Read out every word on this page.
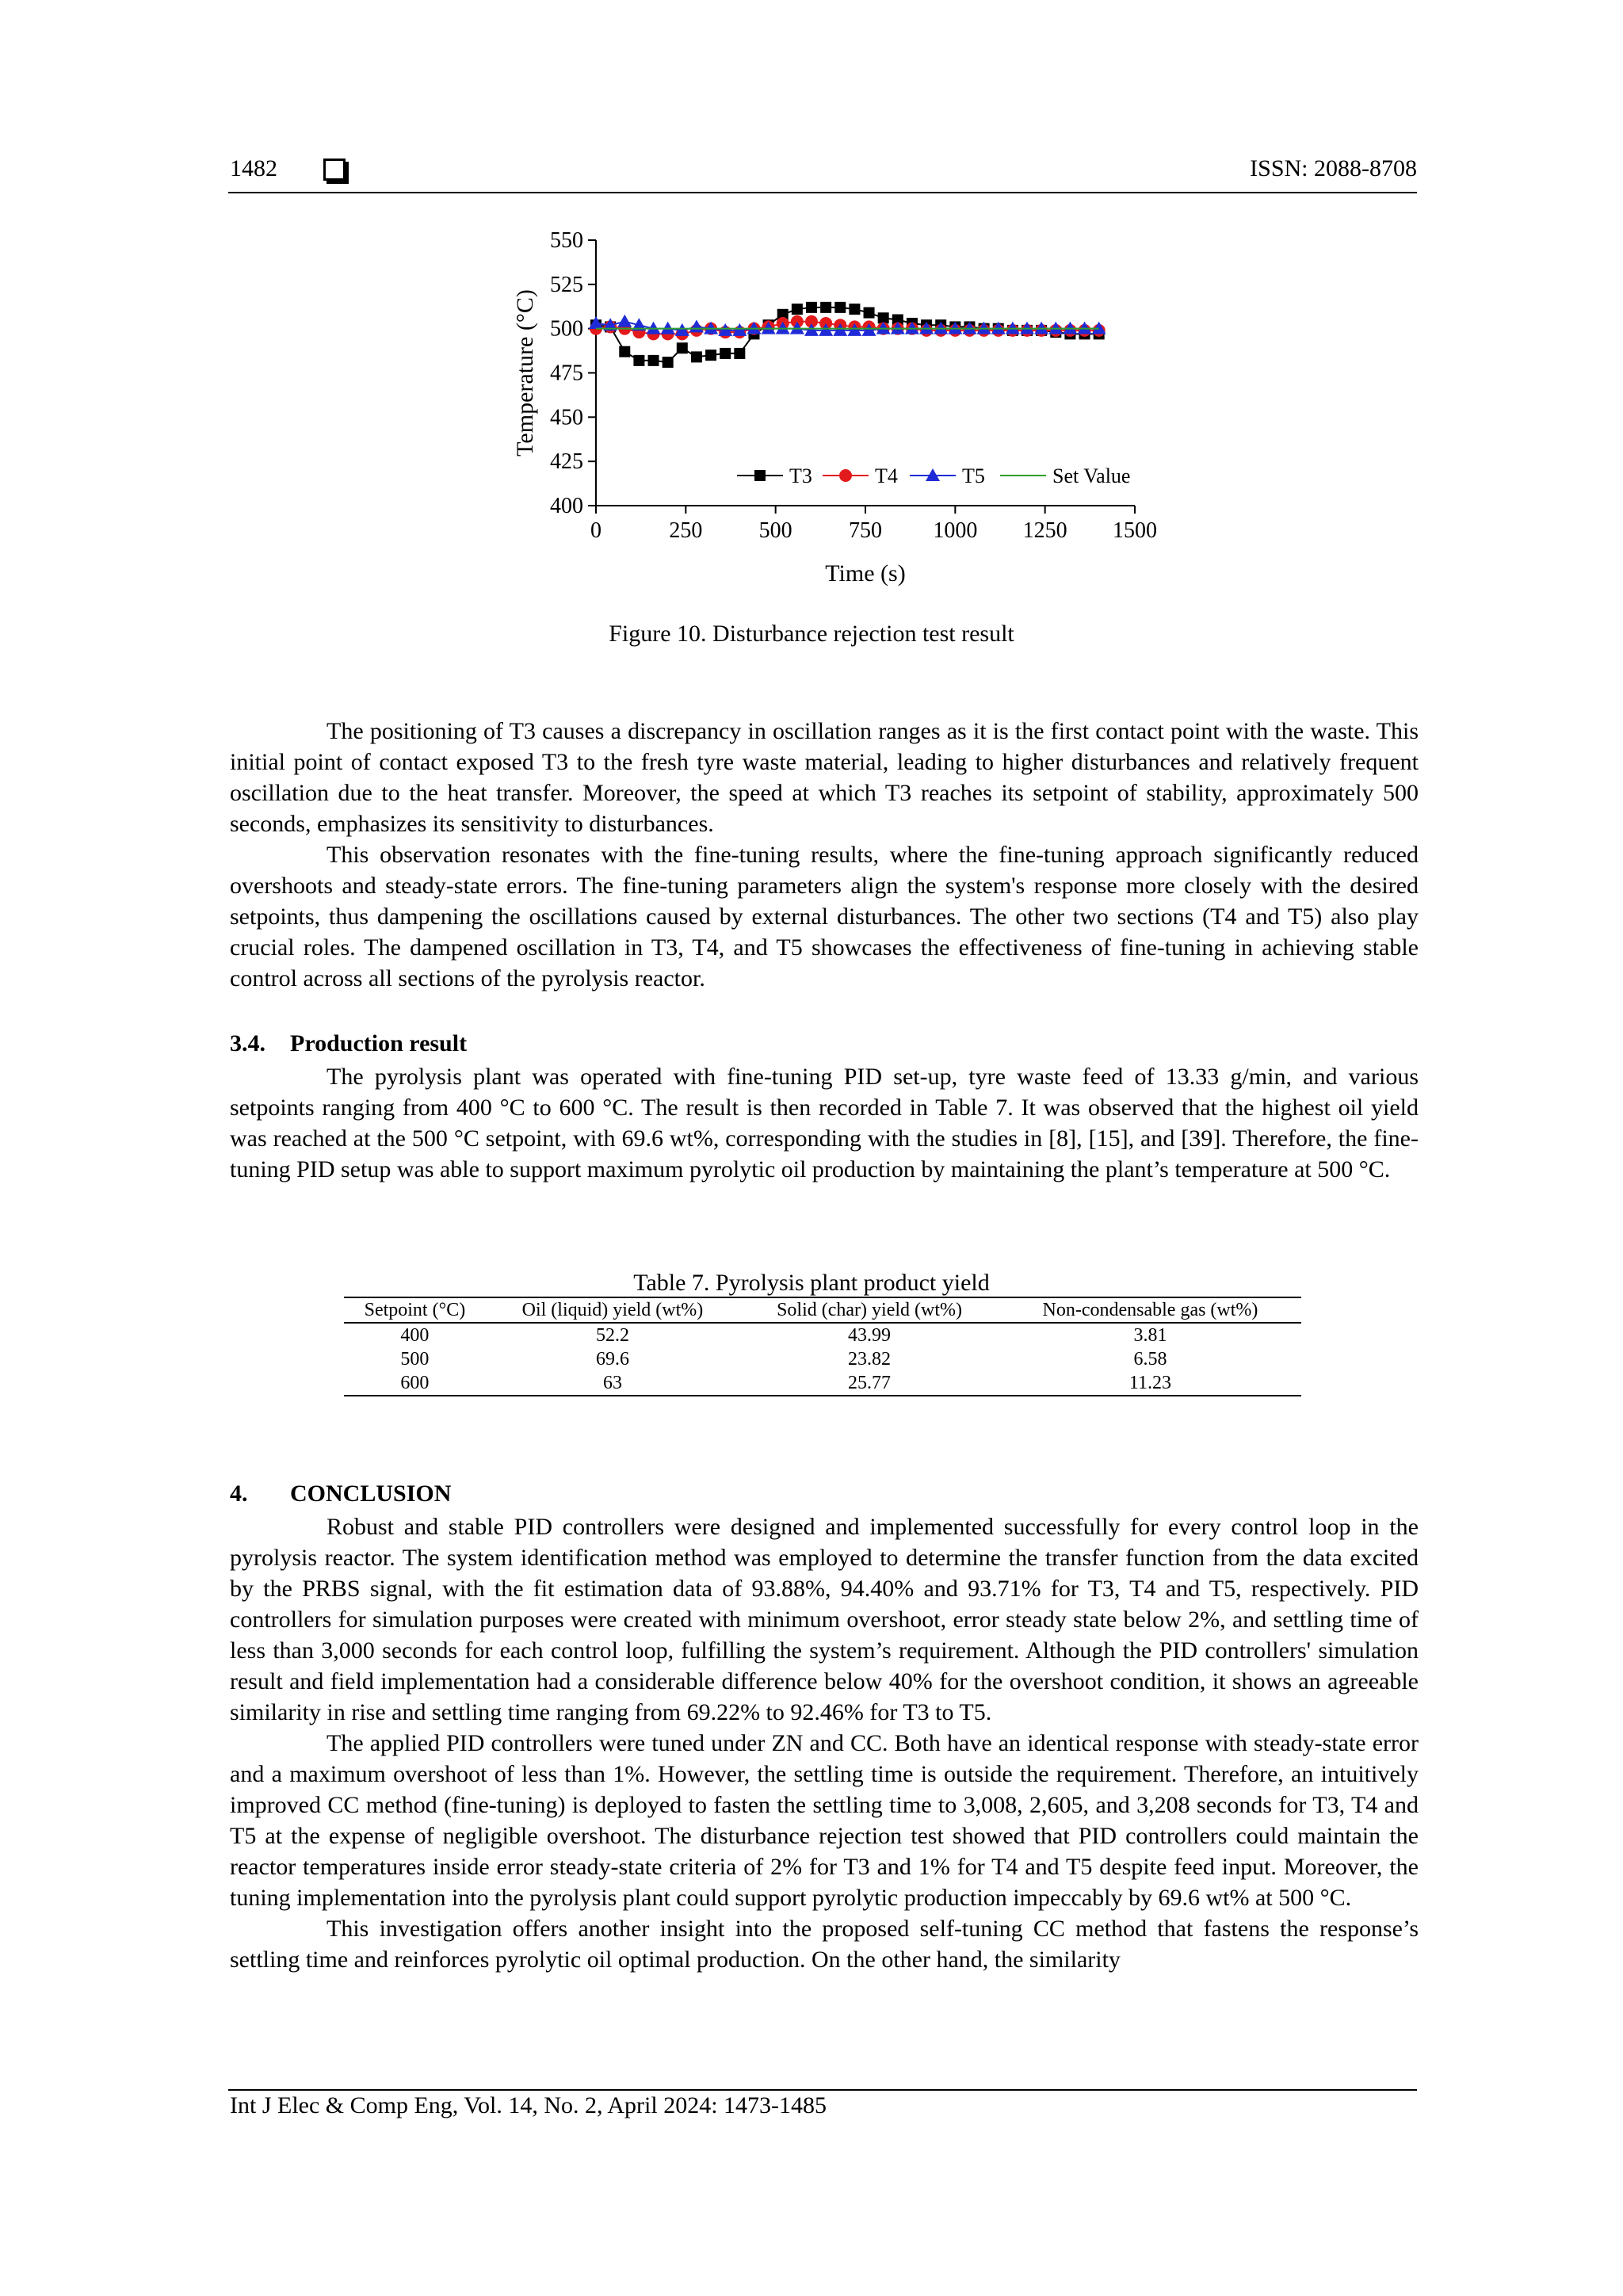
1482	ISSN: 2088-8708
400
425
450
475
500
525
550
0	250	500	750 1000 1250 1500
Time (s)
Temperature (°C)
T3	T4	T5	Set Value
Figure 10. Disturbance rejection test result

The positioning of T3 causes a discrepancy in oscillation ranges as it is the first contact point with the waste. This initial point of contact exposed T3 to the fresh tyre waste material, leading to higher disturbances and relatively frequent oscillation due to the heat transfer. Moreover, the speed at which T3 reaches its setpoint of stability, approximately 500 seconds, emphasizes its sensitivity to disturbances.

This observation resonates with the fine-tuning results, where the fine-tuning approach significantly reduced overshoots and steady-state errors. The fine-tuning parameters align the system's response more closely with the desired setpoints, thus dampening the oscillations caused by external disturbances. The other two sections (T4 and T5) also play crucial roles. The dampened oscillation in T3, T4, and T5 showcases the effectiveness of fine-tuning in achieving stable control across all sections of the pyrolysis reactor.

3.4. Production result

The pyrolysis plant was operated with fine-tuning PID set-up, tyre waste feed of 13.33 g/min, and various setpoints ranging from 400 °C to 600 °C. The result is then recorded in Table 7. It was observed that the highest oil yield was reached at the 500 °C setpoint, with 69.6 wt%, corresponding with the studies in [8], [15], and [39]. Therefore, the fine-tuning PID setup was able to support maximum pyrolytic oil production by maintaining the plant’s temperature at 500 °C.

Table 7. Pyrolysis plant product yield
Setpoint (°C)	Oil (liquid) yield (wt%)	Solid (char) yield (wt%)	Non-condensable gas (wt%)
400	52.2	43.99	3.81
500	69.6	23.82	6.58
600	63	25.77	11.23
4. CONCLUSION

Robust and stable PID controllers were designed and implemented successfully for every control loop in the pyrolysis reactor. The system identification method was employed to determine the transfer function from the data excited by the PRBS signal, with the fit estimation data of 93.88%, 94.40% and 93.71% for T3, T4 and T5, respectively. PID controllers for simulation purposes were created with minimum overshoot, error steady state below 2%, and settling time of less than 3,000 seconds for each control loop, fulfilling the system’s requirement. Although the PID controllers' simulation result and field implementation had a considerable difference below 40% for the overshoot condition, it shows an agreeable similarity in rise and settling time ranging from 69.22% to 92.46% for T3 to T5.

The applied PID controllers were tuned under ZN and CC. Both have an identical response with steady-state error and a maximum overshoot of less than 1%. However, the settling time is outside the requirement. Therefore, an intuitively improved CC method (fine-tuning) is deployed to fasten the settling time to 3,008, 2,605, and 3,208 seconds for T3, T4 and T5 at the expense of negligible overshoot. The disturbance rejection test showed that PID controllers could maintain the reactor temperatures inside error steady-state criteria of 2% for T3 and 1% for T4 and T5 despite feed input. Moreover, the tuning implementation into the pyrolysis plant could support pyrolytic production impeccably by 69.6 wt% at 500 °C.

This investigation offers another insight into the proposed self-tuning CC method that fastens the response’s settling time and reinforces pyrolytic oil optimal production. On the other hand, the similarity

Int J Elec & Comp Eng, Vol. 14, No. 2, April 2024: 1473-1485
